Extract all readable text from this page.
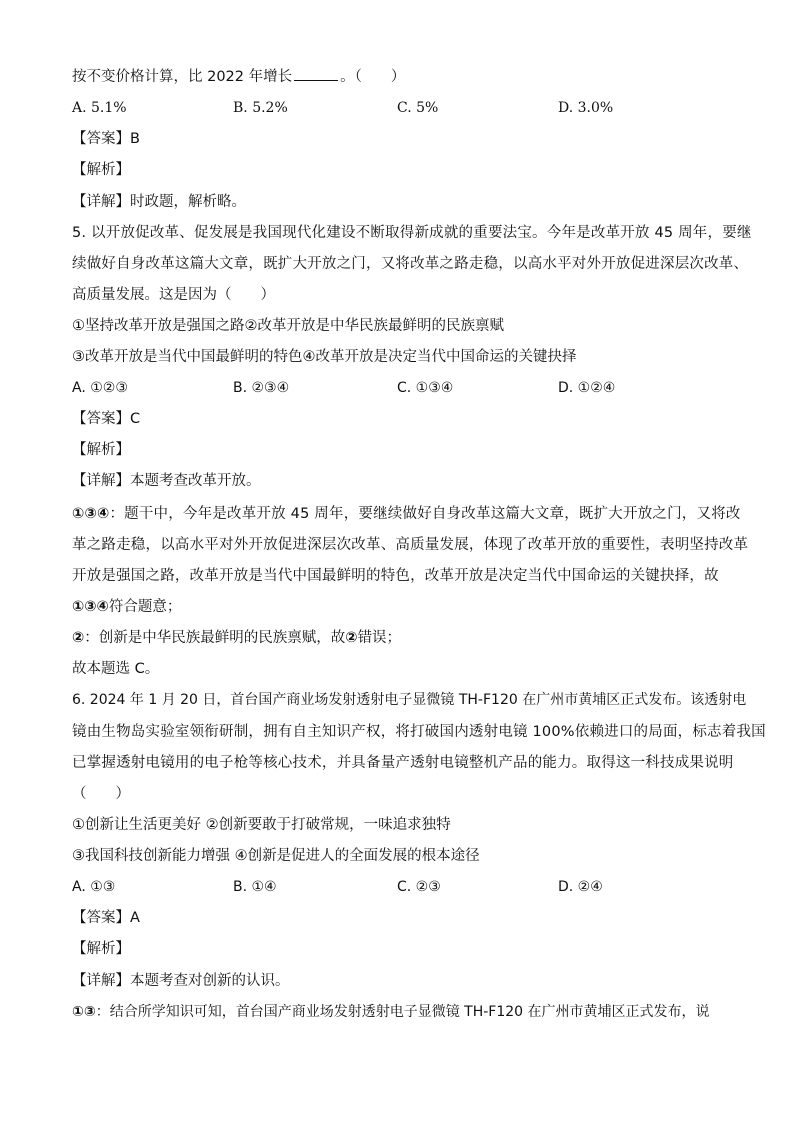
按不变价格计算，比 2022 年增长	。（　　）
A. 5.1%	B. 5.2%	C. 5%	D. 3.0%
【答案】B
【解析】
【详解】时政题，解析略。
5. 以开放促改革、促发展是我国现代化建设不断取得新成就的重要法宝。今年是改革开放 45 周年，要继
续做好自身改革这篇大文章，既扩大开放之门，又将改革之路走稳，以高水平对外开放促进深层次改革、
高质量发展。这是因为（　　）
①坚持改革开放是强国之路②改革开放是中华民族最鲜明的民族禀赋
③改革开放是当代中国最鲜明的特色④改革开放是决定当代中国命运的关键抉择
A. ①②③	B. ②③④	C. ①③④	D. ①②④
【答案】C
【解析】
【详解】本题考查改革开放。
①③④：题干中，今年是改革开放 45 周年，要继续做好自身改革这篇大文章，既扩大开放之门，又将改
革之路走稳，以高水平对外开放促进深层次改革、高质量发展，体现了改革开放的重要性，表明坚持改革
开放是强国之路，改革开放是当代中国最鲜明的特色，改革开放是决定当代中国命运的关键抉择，故
①③④符合题意；
②：创新是中华民族最鲜明的民族禀赋，故②错误；
故本题选 C。
6. 2024 年 1 月 20 日，首台国产商业场发射透射电子显微镜 TH-F120 在广州市黄埔区正式发布。该透射电
镜由生物岛实验室领衔研制，拥有自主知识产权，将打破国内透射电镜 100%依赖进口的局面，标志着我国
已掌握透射电镜用的电子枪等核心技术，并具备量产透射电镜整机产品的能力。取得这一科技成果说明
（　　）
①创新让生活更美好 ②创新要敢于打破常规，一味追求独特
③我国科技创新能力增强 ④创新是促进人的全面发展的根本途径
A. ①③	B. ①④	C. ②③	D. ②④
【答案】A
【解析】
【详解】本题考查对创新的认识。
①③：结合所学知识可知，首台国产商业场发射透射电子显微镜 TH-F120 在广州市黄埔区正式发布，说
